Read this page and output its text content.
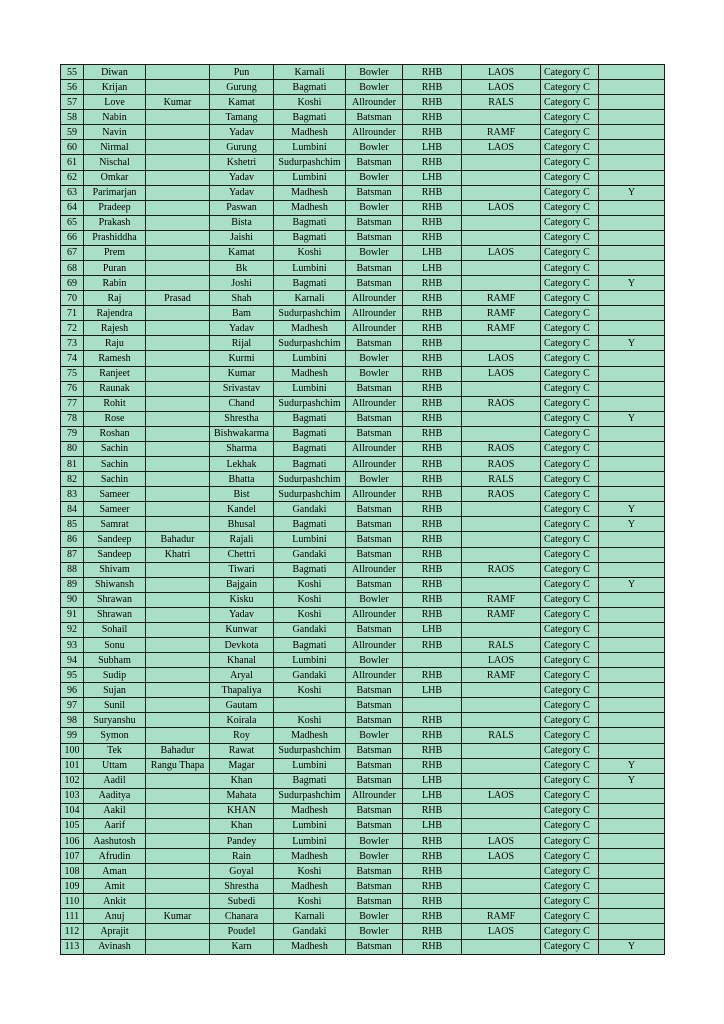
55	Diwan		Pun	Karnali	Bowler	RHB	LAOS	Category C	
56	Krijan		Gurung	Bagmati	Bowler	RHB	LAOS	Category C	
57	Love	Kumar	Kamat	Koshi	Allrounder	RHB	RALS	Category C	
58	Nabin		Tamang	Bagmati	Batsman	RHB		Category C	
59	Navin		Yadav	Madhesh	Allrounder	RHB	RAMF	Category C	
60	Nirmal		Gurung	Lumbini	Bowler	LHB	LAOS	Category C	
61	Nischal		Kshetri	Sudurpashchim	Batsman	RHB		Category C	
62	Omkar		Yadav	Lumbini	Bowler	LHB		Category C	
63	Parimarjan		Yadav	Madhesh	Batsman	RHB		Category C	Y
64	Pradeep		Paswan	Madhesh	Bowler	RHB	LAOS	Category C	
65	Prakash		Bista	Bagmati	Batsman	RHB		Category C	
66	Prashiddha		Jaishi	Bagmati	Batsman	RHB		Category C	
67	Prem		Kamat	Koshi	Bowler	LHB	LAOS	Category C	
68	Puran		Bk	Lumbini	Batsman	LHB		Category C	
69	Rabin		Joshi	Bagmati	Batsman	RHB		Category C	Y
70	Raj	Prasad	Shah	Karnali	Allrounder	RHB	RAMF	Category C	
71	Rajendra		Bam	Sudurpashchim	Allrounder	RHB	RAMF	Category C	
72	Rajesh		Yadav	Madhesh	Allrounder	RHB	RAMF	Category C	
73	Raju		Rijal	Sudurpashchim	Batsman	RHB		Category C	Y
74	Ramesh		Kurmi	Lumbini	Bowler	RHB	LAOS	Category C	
75	Ranjeet		Kumar	Madhesh	Bowler	RHB	LAOS	Category C	
76	Raunak		Srivastav	Lumbini	Batsman	RHB		Category C	
77	Rohit		Chand	Sudurpashchim	Allrounder	RHB	RAOS	Category C	
78	Rose		Shrestha	Bagmati	Batsman	RHB		Category C	Y
79	Roshan		Bishwakarma	Bagmati	Batsman	RHB		Category C	
80	Sachin		Sharma	Bagmati	Allrounder	RHB	RAOS	Category C	
81	Sachin		Lekhak	Bagmati	Allrounder	RHB	RAOS	Category C	
82	Sachin		Bhatta	Sudurpashchim	Bowler	RHB	RALS	Category C	
83	Sameer		Bist	Sudurpashchim	Allrounder	RHB	RAOS	Category C	
84	Sameer		Kandel	Gandaki	Batsman	RHB		Category C	Y
85	Samrat		Bhusal	Bagmati	Batsman	RHB		Category C	Y
86	Sandeep	Bahadur	Rajali	Lumbini	Batsman	RHB		Category C	
87	Sandeep	Khatri	Chettri	Gandaki	Batsman	RHB		Category C	
88	Shivam		Tiwari	Bagmati	Allrounder	RHB	RAOS	Category C	
89	Shiwansh		Bajgain	Koshi	Batsman	RHB		Category C	Y
90	Shrawan		Kisku	Koshi	Bowler	RHB	RAMF	Category C	
91	Shrawan		Yadav	Koshi	Allrounder	RHB	RAMF	Category C	
92	Sohail		Kunwar	Gandaki	Batsman	LHB		Category C	
93	Sonu		Devkota	Bagmati	Allrounder	RHB	RALS	Category C	
94	Subham		Khanal	Lumbini	Bowler		LAOS	Category C	
95	Sudip		Aryal	Gandaki	Allrounder	RHB	RAMF	Category C	
96	Sujan		Thapaliya	Koshi	Batsman	LHB		Category C	
97	Sunil		Gautam		Batsman			Category C	
98	Suryanshu		Koirala	Koshi	Batsman	RHB		Category C	
99	Symon		Roy	Madhesh	Bowler	RHB	RALS	Category C	
100	Tek	Bahadur	Rawat	Sudurpashchim	Batsman	RHB		Category C	
101	Uttam	Rangu Thapa	Magar	Lumbini	Batsman	RHB		Category C	Y
102	Aadil		Khan	Bagmati	Batsman	LHB		Category C	Y
103	Aaditya		Mahata	Sudurpashchim	Allrounder	LHB	LAOS	Category C	
104	Aakil		KHAN	Madhesh	Batsman	RHB		Category C	
105	Aarif		Khan	Lumbini	Batsman	LHB		Category C	
106	Aashutosh		Pandey	Lumbini	Bowler	RHB	LAOS	Category C	
107	Afrudin		Rain	Madhesh	Bowler	RHB	LAOS	Category C	
108	Aman		Goyal	Koshi	Batsman	RHB		Category C	
109	Amit		Shrestha	Madhesh	Batsman	RHB		Category C	
110	Ankit		Subedi	Koshi	Batsman	RHB		Category C	
111	Anuj	Kumar	Chanara	Karnali	Bowler	RHB	RAMF	Category C	
112	Aprajit		Poudel	Gandaki	Bowler	RHB	LAOS	Category C	
113	Avinash		Karn	Madhesh	Batsman	RHB		Category C	Y
